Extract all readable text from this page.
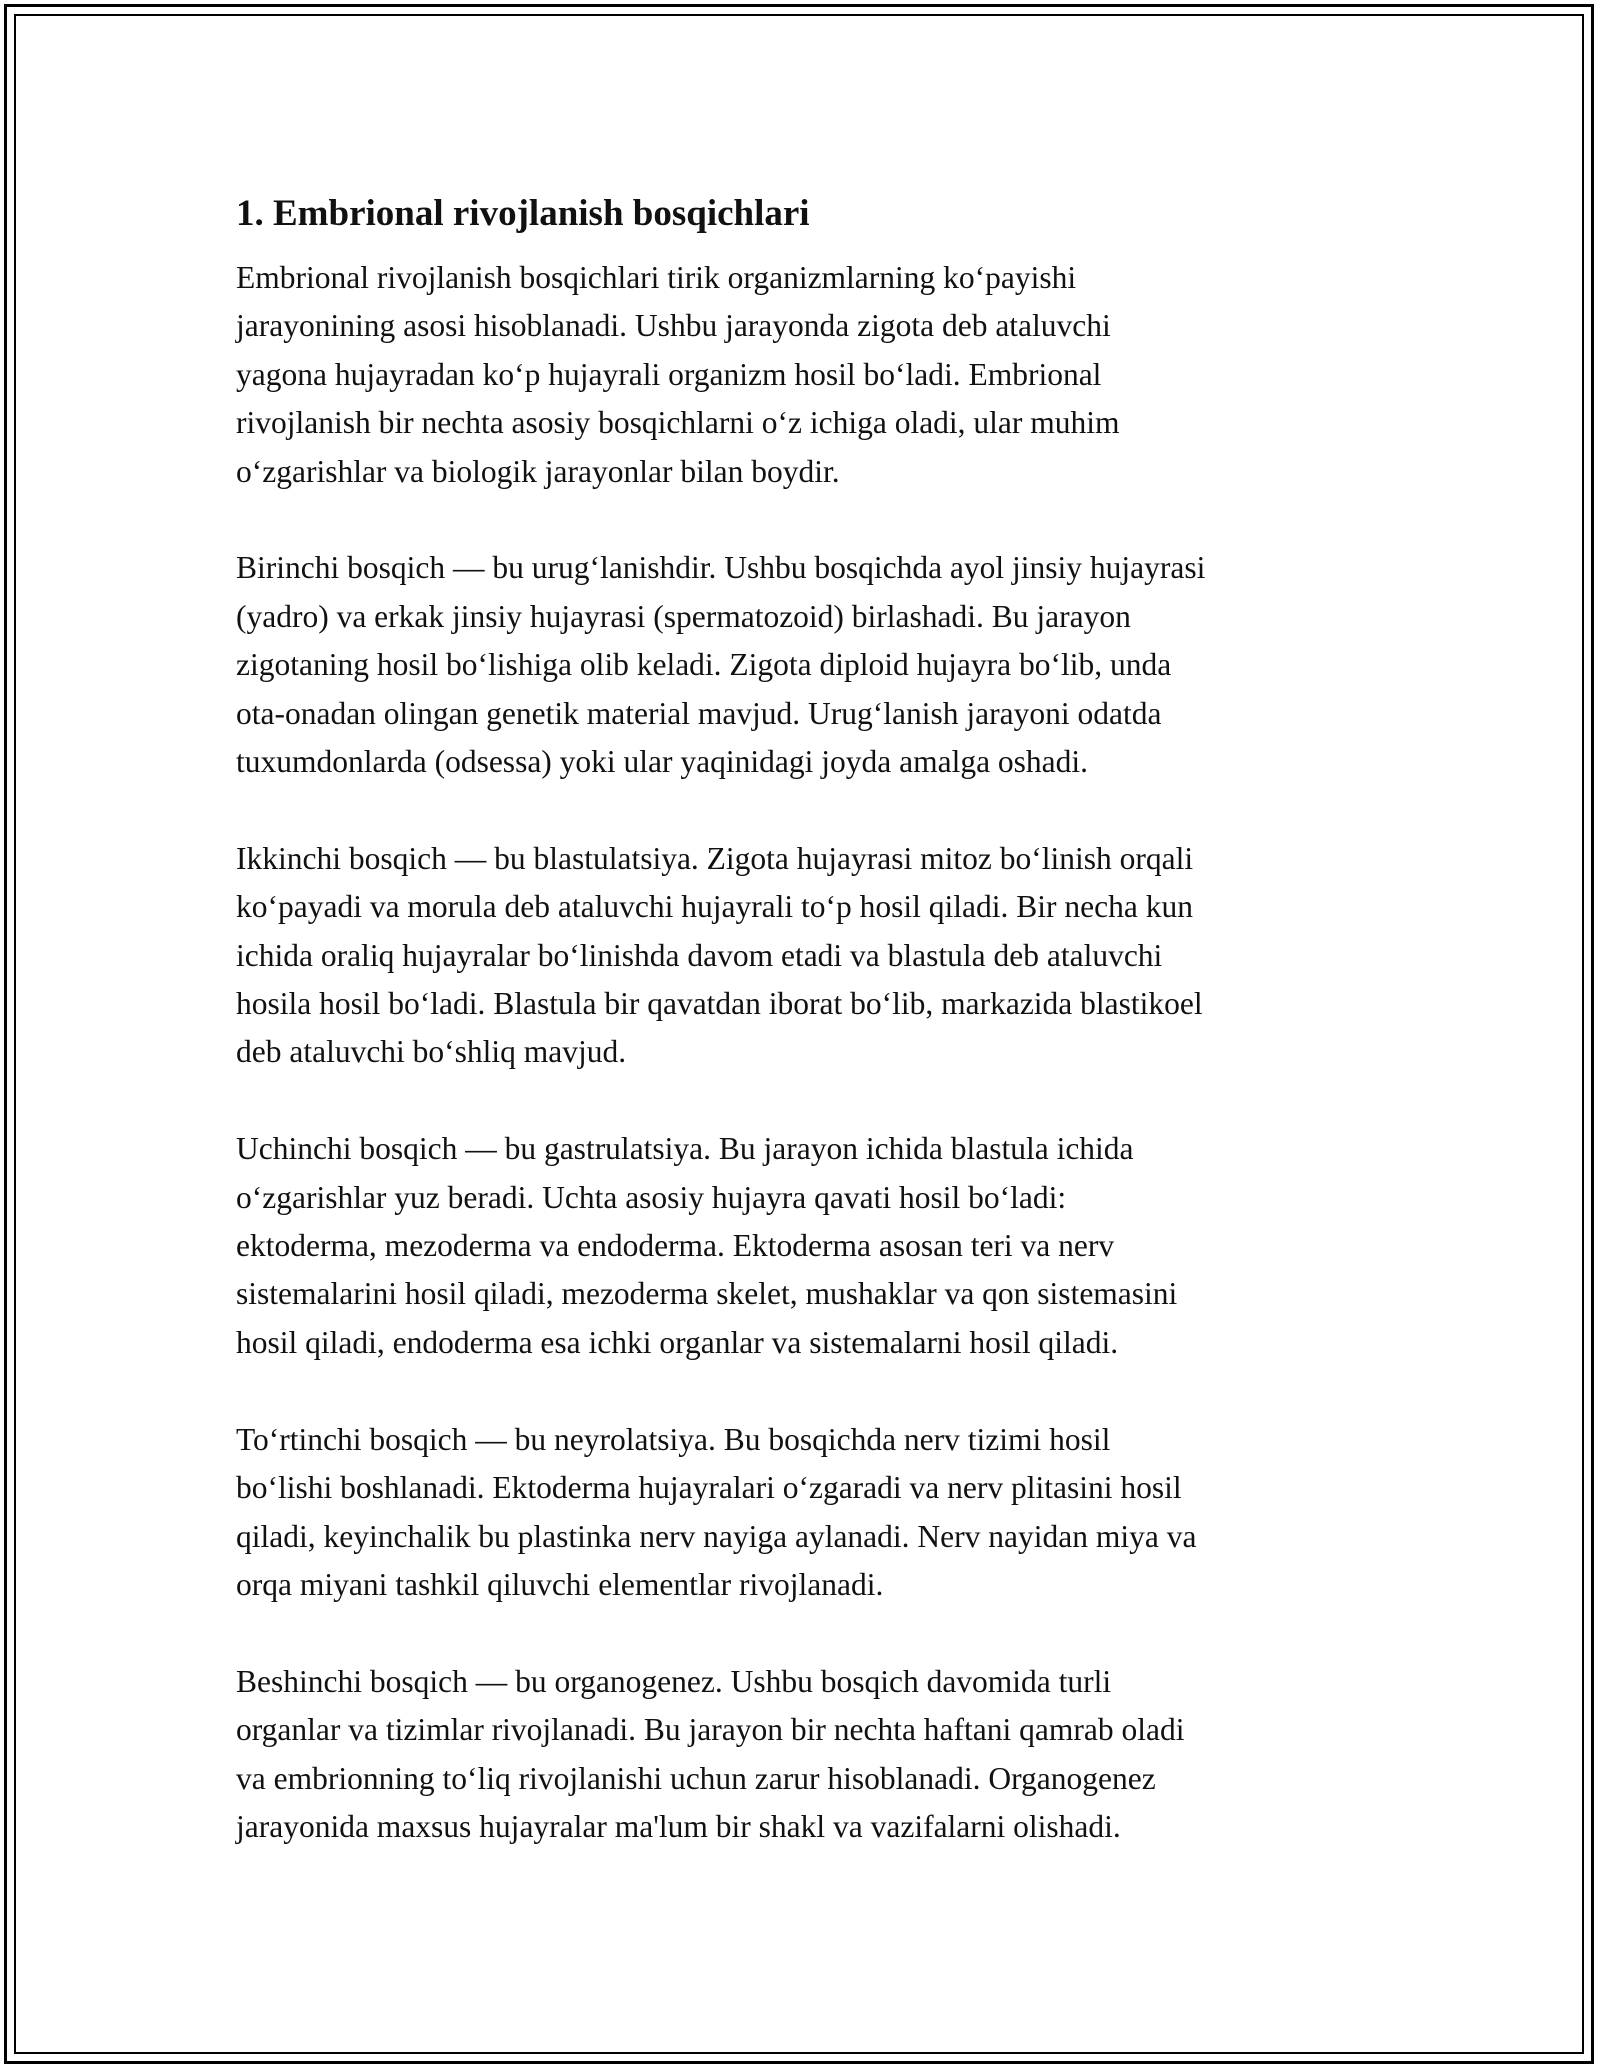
1. Embrional rivojlanish bosqichlari
Embrional rivojlanish bosqichlari tirik organizmlarning ko‘payishi
jarayonining asosi hisoblanadi. Ushbu jarayonda zigota deb ataluvchi
yagona hujayradan ko‘p hujayrali organizm hosil bo‘ladi. Embrional
rivojlanish bir nechta asosiy bosqichlarni o‘z ichiga oladi, ular muhim
o‘zgarishlar va biologik jarayonlar bilan boydir.
Birinchi bosqich — bu urug‘lanishdir. Ushbu bosqichda ayol jinsiy hujayrasi
(yadro) va erkak jinsiy hujayrasi (spermatozoid) birlashadi. Bu jarayon
zigotaning hosil bo‘lishiga olib keladi. Zigota diploid hujayra bo‘lib, unda
ota-onadan olingan genetik material mavjud. Urug‘lanish jarayoni odatda
tuxumdonlarda (odsessa) yoki ular yaqinidagi joyda amalga oshadi.
Ikkinchi bosqich — bu blastulatsiya. Zigota hujayrasi mitoz bo‘linish orqali
ko‘payadi va morula deb ataluvchi hujayrali to‘p hosil qiladi. Bir necha kun
ichida oraliq hujayralar bo‘linishda davom etadi va blastula deb ataluvchi
hosila hosil bo‘ladi. Blastula bir qavatdan iborat bo‘lib, markazida blastikoel
deb ataluvchi bo‘shliq mavjud.
Uchinchi bosqich — bu gastrulatsiya. Bu jarayon ichida blastula ichida
o‘zgarishlar yuz beradi. Uchta asosiy hujayra qavati hosil bo‘ladi:
ektoderma, mezoderma va endoderma. Ektoderma asosan teri va nerv
sistemalarini hosil qiladi, mezoderma skelet, mushaklar va qon sistemasini
hosil qiladi, endoderma esa ichki organlar va sistemalarni hosil qiladi.
To‘rtinchi bosqich — bu neyrolatsiya. Bu bosqichda nerv tizimi hosil
bo‘lishi boshlanadi. Ektoderma hujayralari o‘zgaradi va nerv plitasini hosil
qiladi, keyinchalik bu plastinka nerv nayiga aylanadi. Nerv nayidan miya va
orqa miyani tashkil qiluvchi elementlar rivojlanadi.
Beshinchi bosqich — bu organogenez. Ushbu bosqich davomida turli
organlar va tizimlar rivojlanadi. Bu jarayon bir nechta haftani qamrab oladi
va embrionning to‘liq rivojlanishi uchun zarur hisoblanadi. Organogenez
jarayonida maxsus hujayralar ma'lum bir shakl va vazifalarni olishadi.
